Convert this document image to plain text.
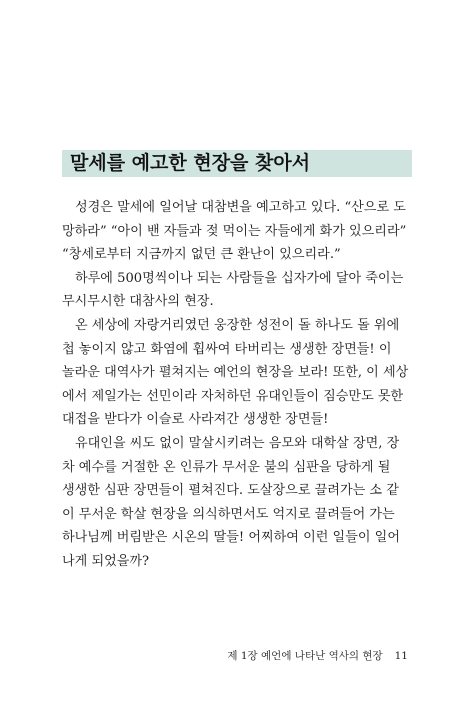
말세를 예고한 현장을 찾아서
성경은 말세에 일어날 대참변을 예고하고 있다. “산으로 도
망하라” “아이 밴 자들과 젖 먹이는 자들에게 화가 있으리라”
“창세로부터 지금까지 없던 큰 환난이 있으리라.”
하루에 500명씩이나 되는 사람들을 십자가에 달아 죽이는
무시무시한 대참사의 현장.
온 세상에 자랑거리였던 웅장한 성전이 돌 하나도 돌 위에
첩 놓이지 않고 화염에 휩싸여 타버리는 생생한 장면들! 이
놀라운 대역사가 펼쳐지는 예언의 현장을 보라! 또한, 이 세상
에서 제일가는 선민이라 자처하던 유대인들이 짐승만도 못한
대접을 받다가 이슬로 사라져간 생생한 장면들!
유대인을 씨도 없이 말살시키려는 음모와 대학살 장면, 장
차 예수를 거절한 온 인류가 무서운 불의 심판을 당하게 될
생생한 심판 장면들이 펼쳐진다. 도살장으로 끌려가는 소 같
이 무서운 학살 현장을 의식하면서도 억지로 끌려들어 가는
하나님께 버림받은 시온의 딸들! 어찌하여 이런 일들이 일어
나게 되었을까?
제 1장 예언에 나타난 역사의 현장 11
